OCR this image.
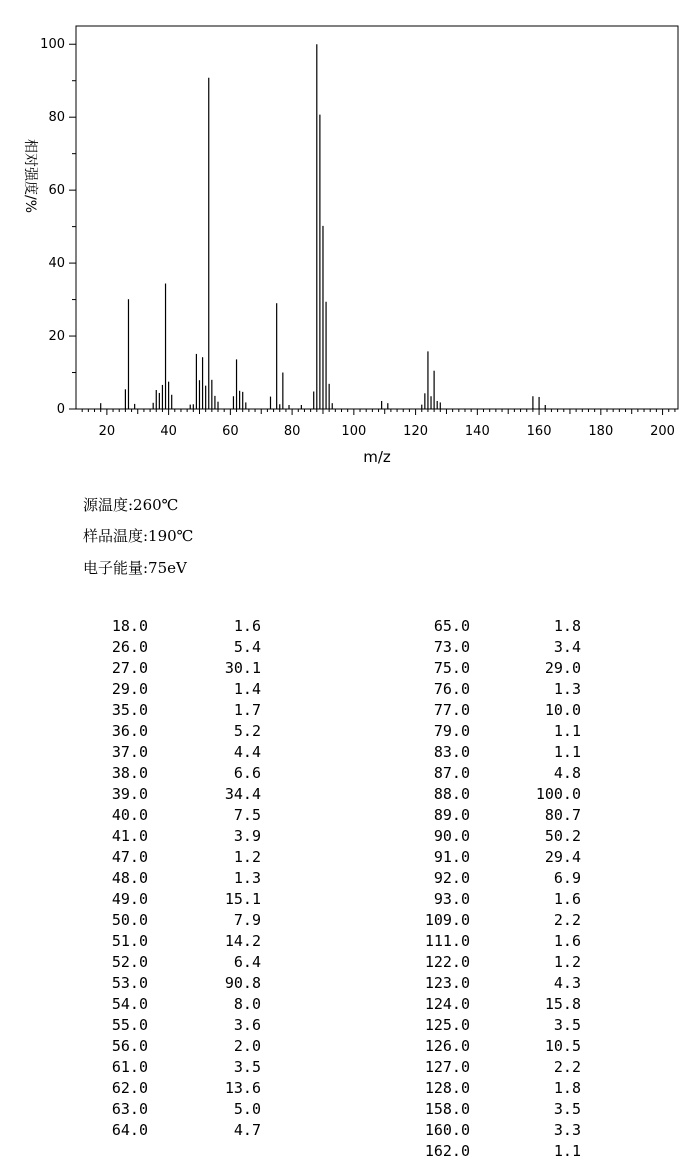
0
20
40
60
80
100
20	40	60	80	100	120	140	160	180	200
m/z
相对强度/%
源温度:260℃
样品温度:190℃
电子能量:75eV
18.0	1.6
26.0	5.4
27.0	30.1
29.0	1.4
35.0	1.7
36.0	5.2
37.0	4.4
38.0	6.6
39.0	34.4
40.0	7.5
41.0	3.9
47.0	1.2
48.0	1.3
49.0	15.1
50.0	7.9
51.0	14.2
52.0	6.4
53.0	90.8
54.0	8.0
55.0	3.6
56.0	2.0
61.0	3.5
62.0	13.6
63.0	5.0
64.0	4.7
65.0	1.8
73.0	3.4
75.0	29.0
76.0	1.3
77.0	10.0
79.0	1.1
83.0	1.1
87.0	4.8
88.0	100.0
89.0	80.7
90.0	50.2
91.0	29.4
92.0	6.9
93.0	1.6
109.0	2.2
111.0	1.6
122.0	1.2
123.0	4.3
124.0	15.8
125.0	3.5
126.0	10.5
127.0	2.2
128.0	1.8
158.0	3.5
160.0	3.3
162.0	1.1
